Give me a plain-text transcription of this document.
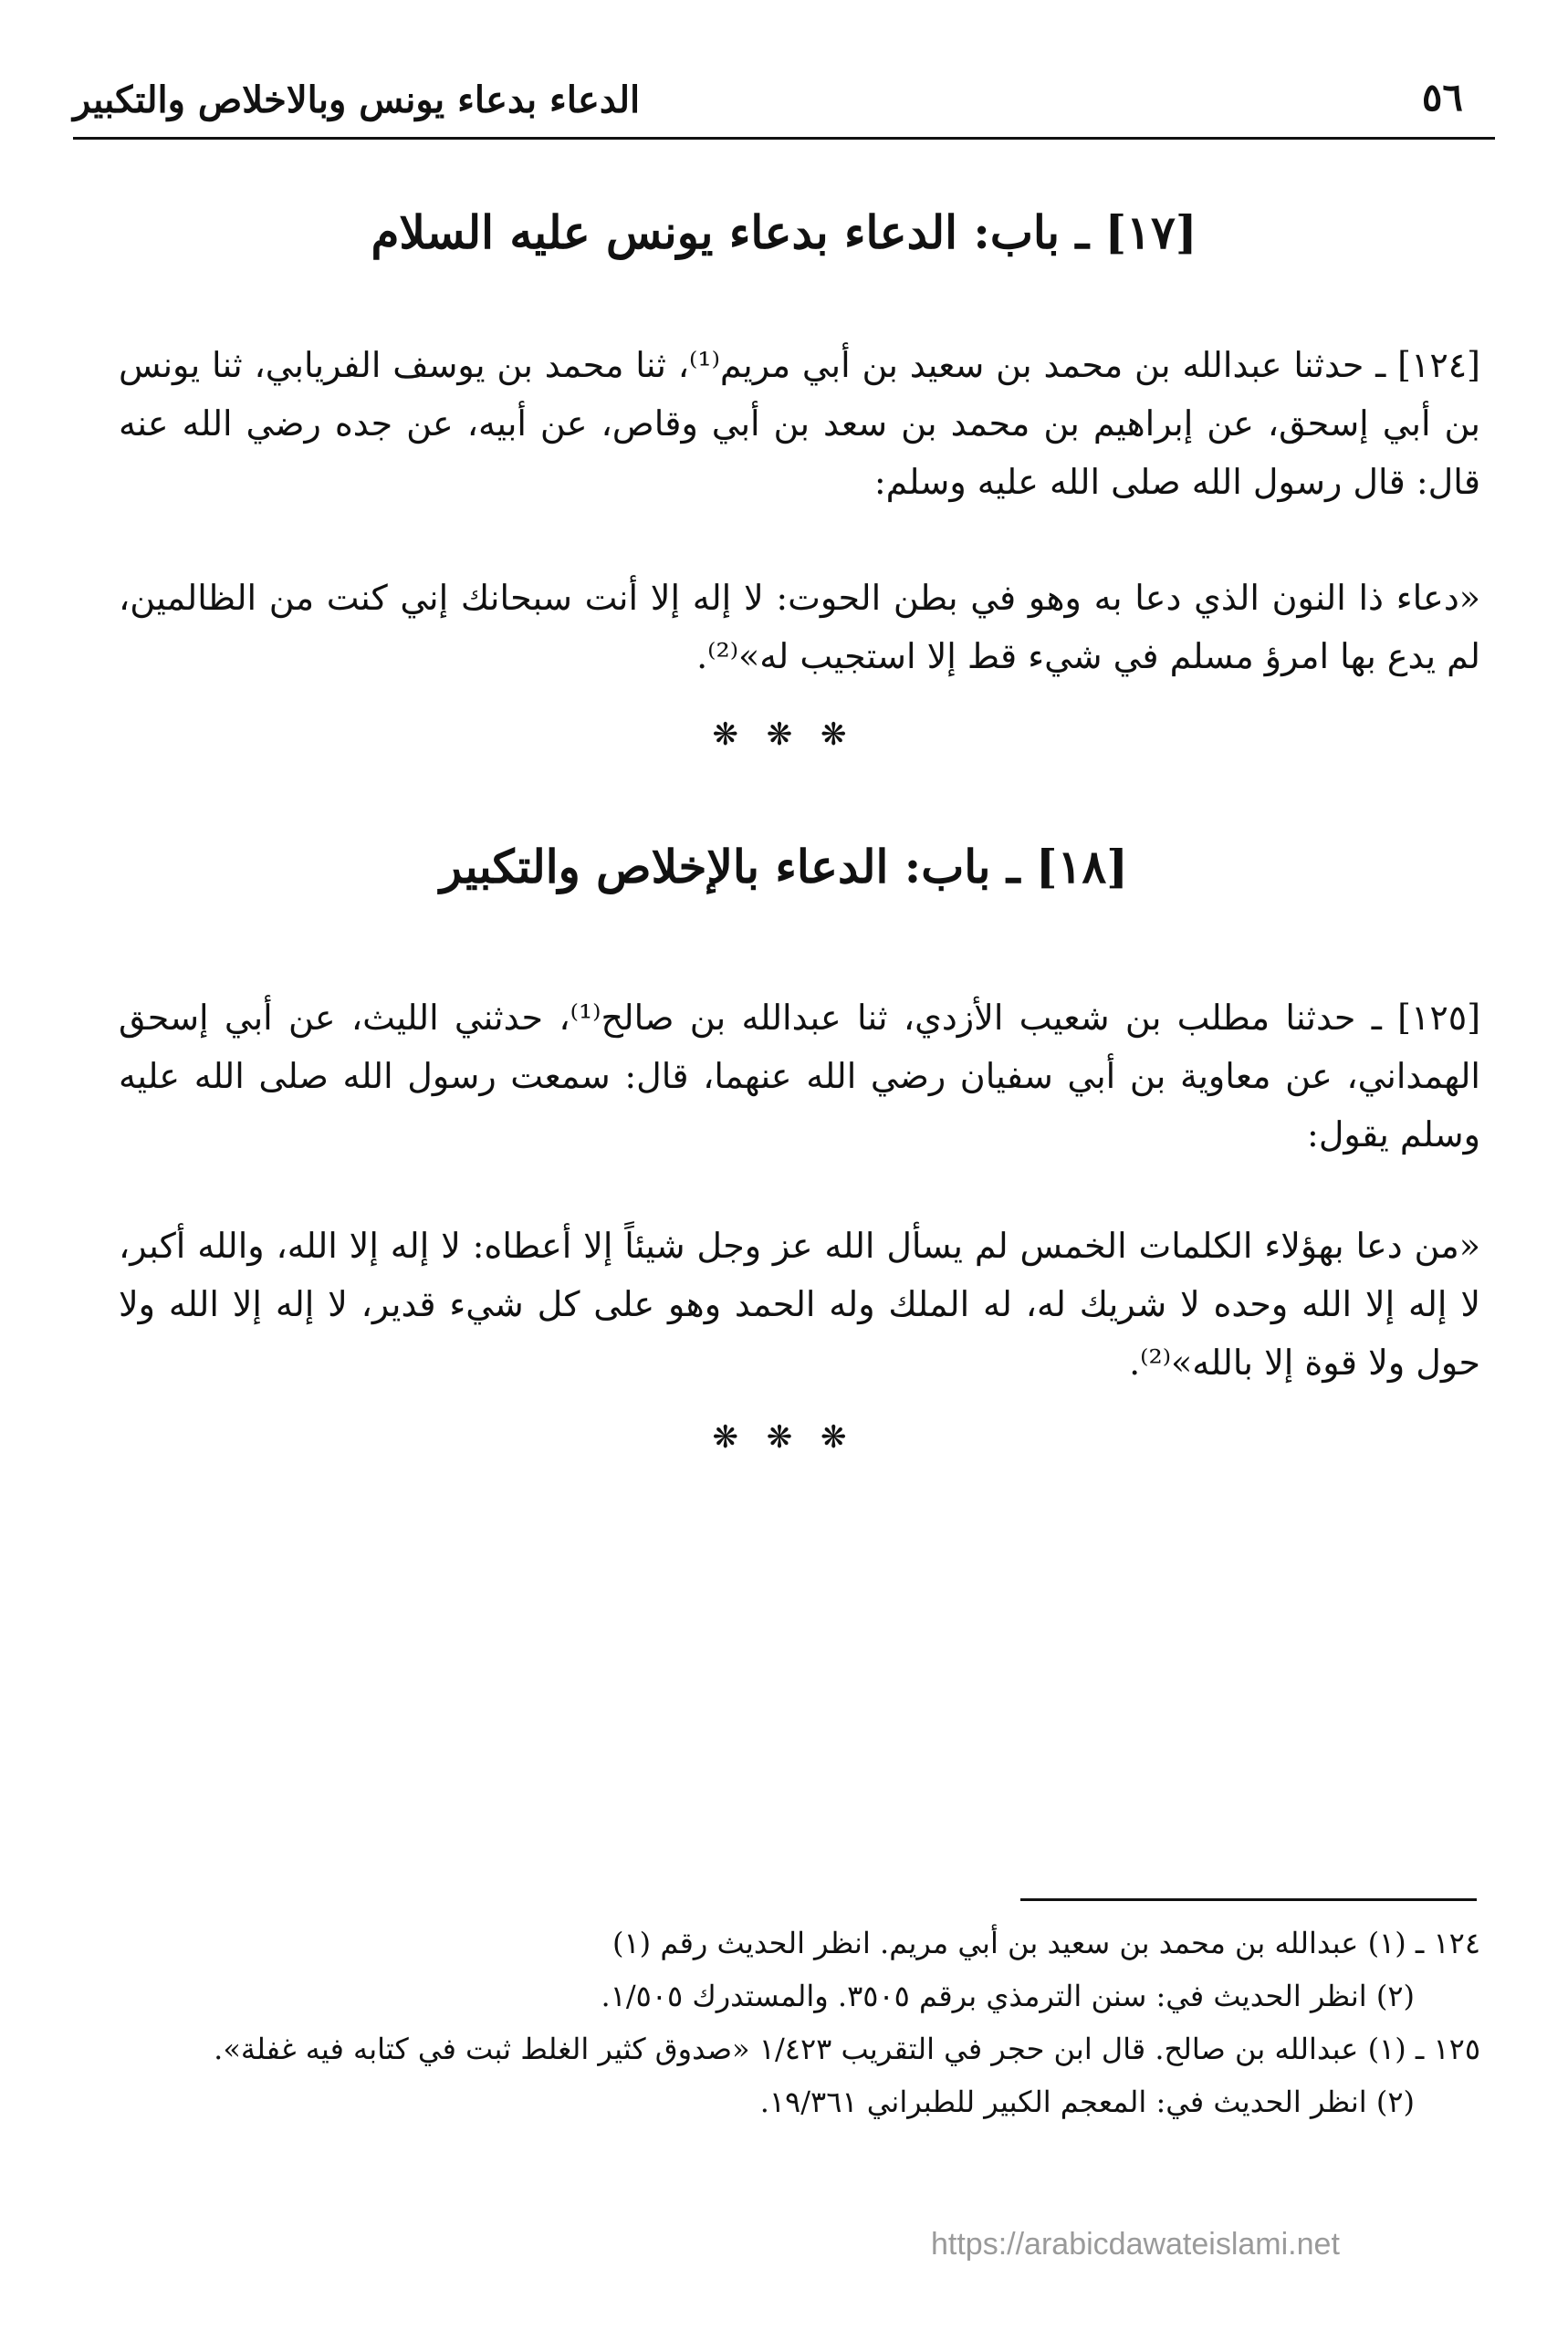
الدعاء بدعاء يونس وبالاخلاص والتكبير	٥٦
[١٧] ـ باب: الدعاء بدعاء يونس عليه السلام

[١٢٤] ـ حدثنا عبدالله بن محمد بن سعيد بن أبي مريم⁽¹⁾، ثنا محمد بن يوسف الفريابي، ثنا يونس بن أبي إسحق، عن إبراهيم بن محمد بن سعد بن أبي وقاص، عن أبيه، عن جده رضي الله عنه قال: قال رسول الله صلى الله عليه وسلم:

«دعاء ذا النون الذي دعا به وهو في بطن الحوت: لا إله إلا أنت سبحانك إني كنت من الظالمين، لم يدع بها امرؤ مسلم في شيء قط إلا استجيب له»⁽²⁾.

❋ ❋ ❋
[١٨] ـ باب: الدعاء بالإخلاص والتكبير

[١٢٥] ـ حدثنا مطلب بن شعيب الأزدي، ثنا عبدالله بن صالح⁽¹⁾، حدثني الليث، عن أبي إسحق الهمداني، عن معاوية بن أبي سفيان رضي الله عنهما، قال: سمعت رسول الله صلى الله عليه وسلم يقول:

«من دعا بهؤلاء الكلمات الخمس لم يسأل الله عز وجل شيئاً إلا أعطاه: لا إله إلا الله، والله أكبر، لا إله إلا الله وحده لا شريك له، له الملك وله الحمد وهو على كل شيء قدير، لا إله إلا الله ولا حول ولا قوة إلا بالله»⁽²⁾.

❋ ❋ ❋

١٢٤ ـ (١) عبدالله بن محمد بن سعيد بن أبي مريم. انظر الحديث رقم (١)

(٢) انظر الحديث في: سنن الترمذي برقم ٣٥٠٥. والمستدرك ١/٥٠٥.

١٢٥ ـ (١) عبدالله بن صالح. قال ابن حجر في التقريب ١/٤٢٣ «صدوق كثير الغلط ثبت في كتابه فيه غفلة».

(٢) انظر الحديث في: المعجم الكبير للطبراني ١٩/٣٦١.

https://arabicdawateislami.net
